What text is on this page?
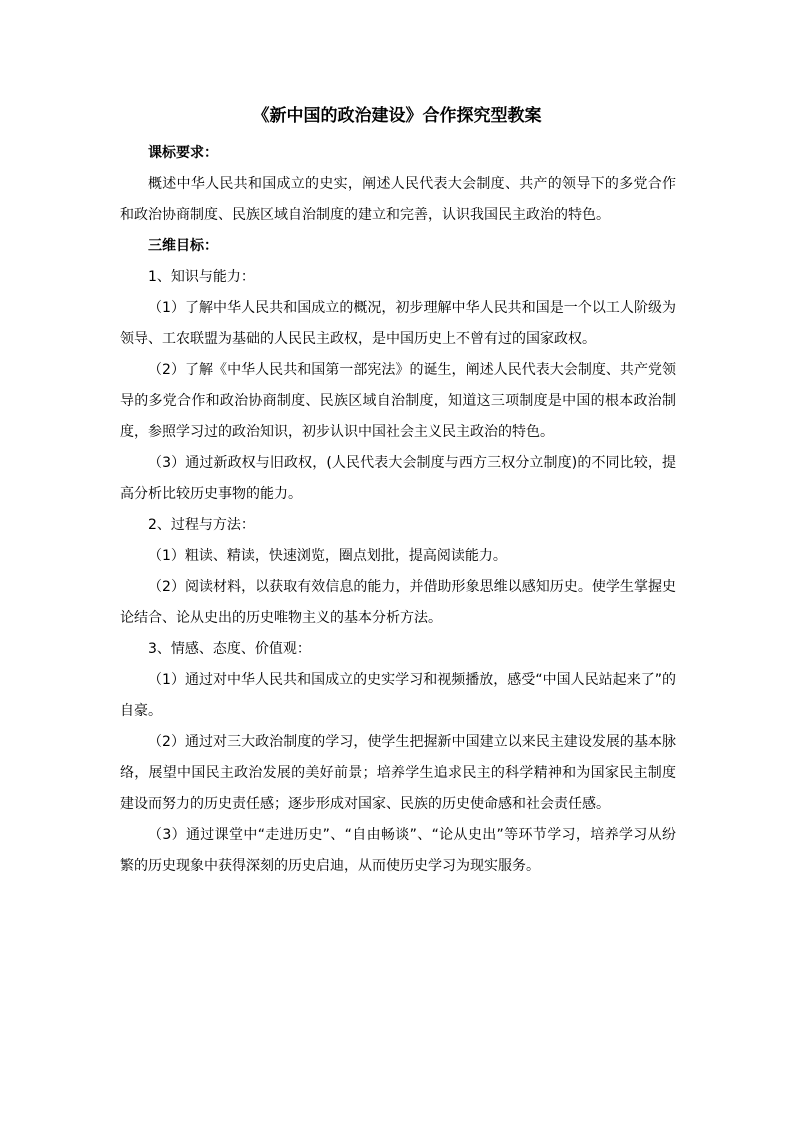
《新中国的政治建设》合作探究型教案

课标要求：

概述中华人民共和国成立的史实，阐述人民代表大会制度、共产的领导下的多党合作和政治协商制度、民族区域自治制度的建立和完善，认识我国民主政治的特色。

三维目标：

1、知识与能力：

（1）了解中华人民共和国成立的概况，初步理解中华人民共和国是一个以工人阶级为领导、工农联盟为基础的人民民主政权，是中国历史上不曾有过的国家政权。

（2）了解《中华人民共和国第一部宪法》的诞生，阐述人民代表大会制度、共产党领导的多党合作和政治协商制度、民族区域自治制度，知道这三项制度是中国的根本政治制度，参照学习过的政治知识，初步认识中国社会主义民主政治的特色。

（3）通过新政权与旧政权，(人民代表大会制度与西方三权分立制度)的不同比较，提高分析比较历史事物的能力。

2、过程与方法：

（1）粗读、精读，快速浏览，圈点划批，提高阅读能力。

（2）阅读材料，以获取有效信息的能力，并借助形象思维以感知历史。使学生掌握史论结合、论从史出的历史唯物主义的基本分析方法。

3、情感、态度、价值观：

（1）通过对中华人民共和国成立的史实学习和视频播放，感受“中国人民站起来了”的自豪。

（2）通过对三大政治制度的学习，使学生把握新中国建立以来民主建设发展的基本脉络，展望中国民主政治发展的美好前景；培养学生追求民主的科学精神和为国家民主制度建设而努力的历史责任感；逐步形成对国家、民族的历史使命感和社会责任感。

（3）通过课堂中“走进历史”、“自由畅谈”、“论从史出”等环节学习，培养学习从纷繁的历史现象中获得深刻的历史启迪，从而使历史学习为现实服务。
